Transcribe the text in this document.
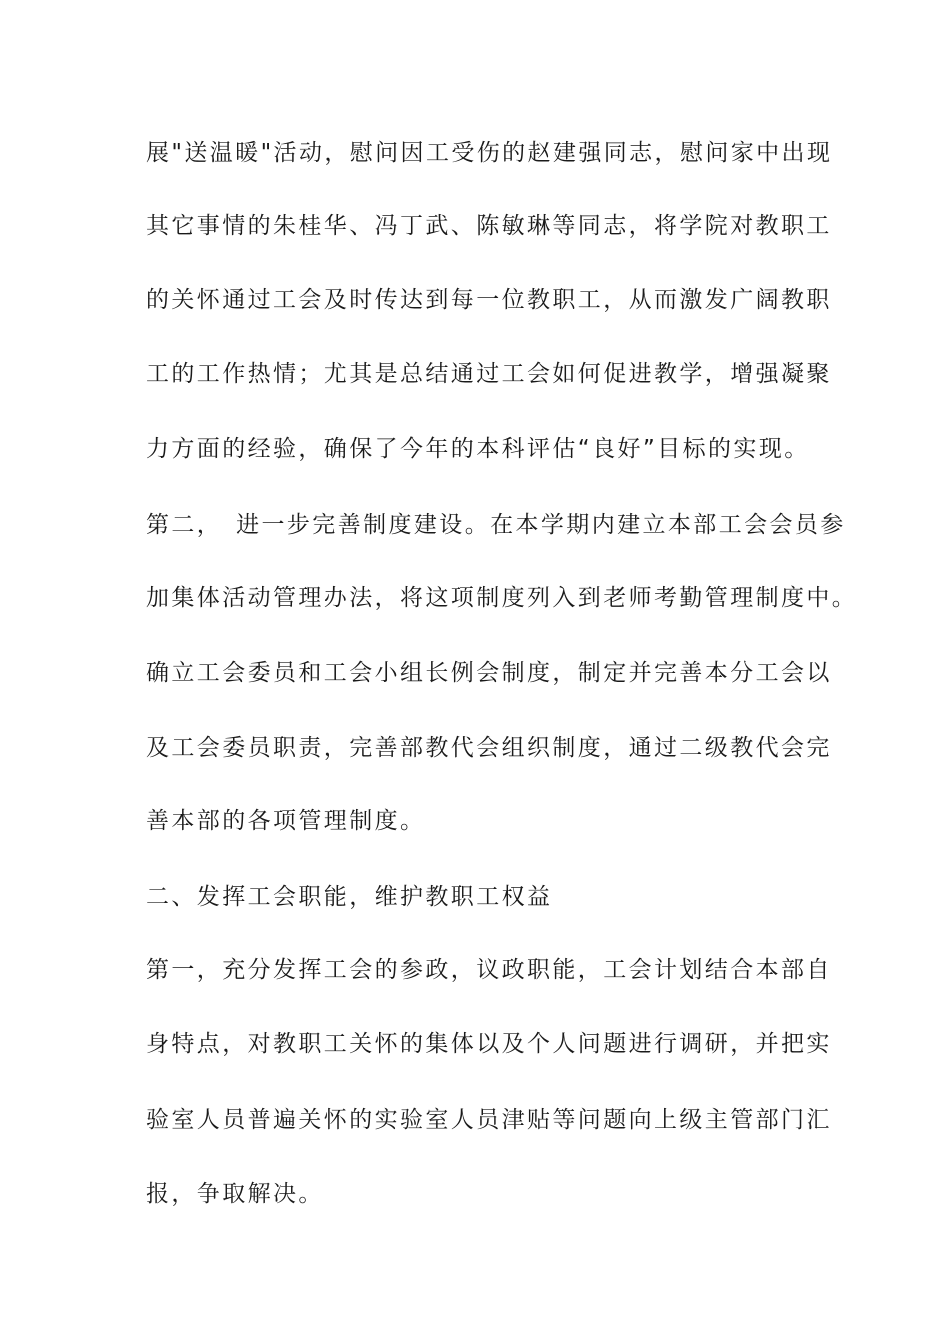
展"送温暖"活动，慰问因工受伤的赵建强同志，慰问家中出现
其它事情的朱桂华、冯丁武、陈敏琳等同志，将学院对教职工
的关怀通过工会及时传达到每一位教职工，从而激发广阔教职
工的工作热情；尤其是总结通过工会如何促进教学，增强凝聚
力方面的经验，确保了今年的本科评估“良好”目标的实现。
第二，　进一步完善制度建设。在本学期内建立本部工会会员参
加集体活动管理办法，将这项制度列入到老师考勤管理制度中。
确立工会委员和工会小组长例会制度，制定并完善本分工会以
及工会委员职责，完善部教代会组织制度，通过二级教代会完
善本部的各项管理制度。
二、发挥工会职能，维护教职工权益
第一，充分发挥工会的参政，议政职能，工会计划结合本部自
身特点，对教职工关怀的集体以及个人问题进行调研，并把实
验室人员普遍关怀的实验室人员津贴等问题向上级主管部门汇
报，争取解决。
